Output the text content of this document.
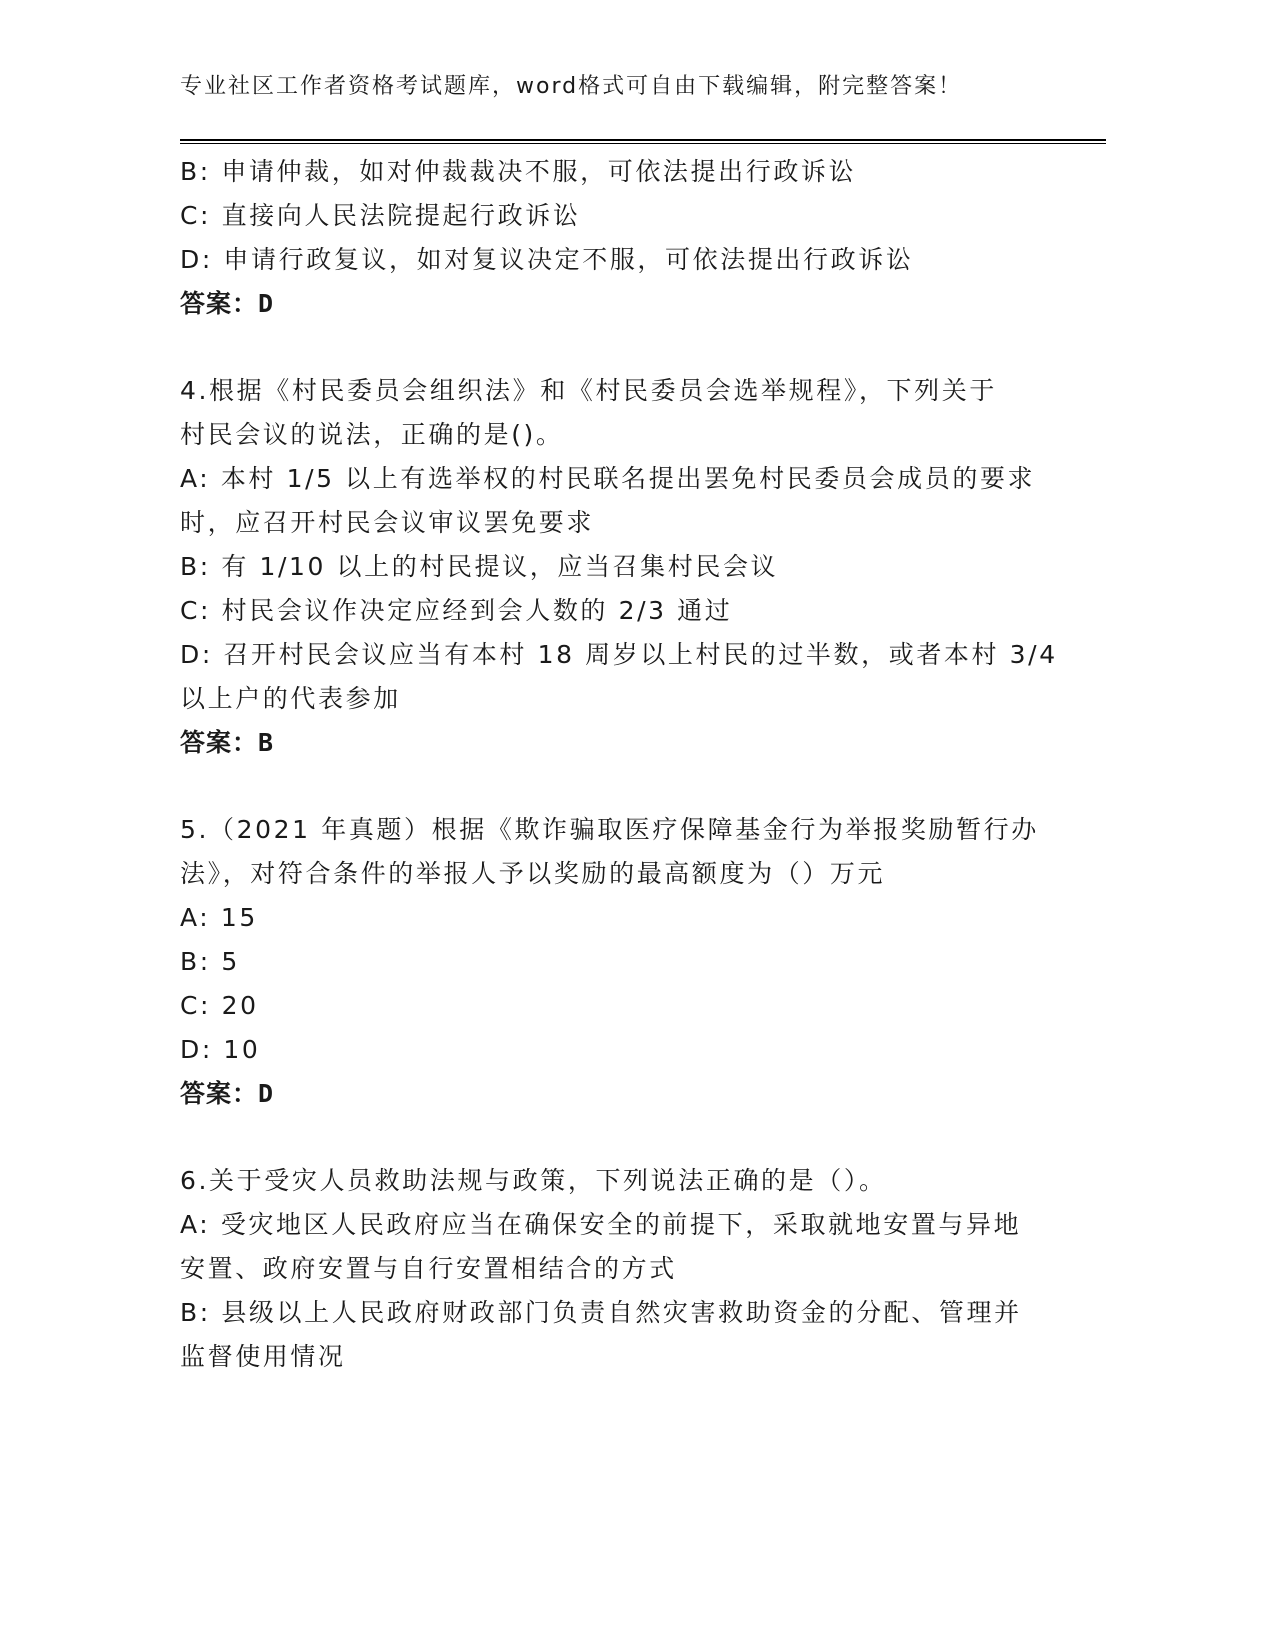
专业社区工作者资格考试题库，word格式可自由下载编辑，附完整答案！
B: 申请仲裁，如对仲裁裁决不服，可依法提出行政诉讼
C: 直接向人民法院提起行政诉讼
D: 申请行政复议，如对复议决定不服，可依法提出行政诉讼
答案：D
4.根据《村民委员会组织法》和《村民委员会选举规程》，下列关于
村民会议的说法，正确的是()。
A: 本村 1/5 以上有选举权的村民联名提出罢免村民委员会成员的要求
时，应召开村民会议审议罢免要求
B: 有 1/10 以上的村民提议，应当召集村民会议
C: 村民会议作决定应经到会人数的 2/3 通过
D: 召开村民会议应当有本村 18 周岁以上村民的过半数，或者本村 3/4
以上户的代表参加
答案：B
5.（2021 年真题）根据《欺诈骗取医疗保障基金行为举报奖励暂行办
法》，对符合条件的举报人予以奖励的最高额度为（）万元
A: 15
B: 5
C: 20
D: 10
答案：D
6.关于受灾人员救助法规与政策，下列说法正确的是（）。
A: 受灾地区人民政府应当在确保安全的前提下，采取就地安置与异地
安置、政府安置与自行安置相结合的方式
B: 县级以上人民政府财政部门负责自然灾害救助资金的分配、管理并
监督使用情况
